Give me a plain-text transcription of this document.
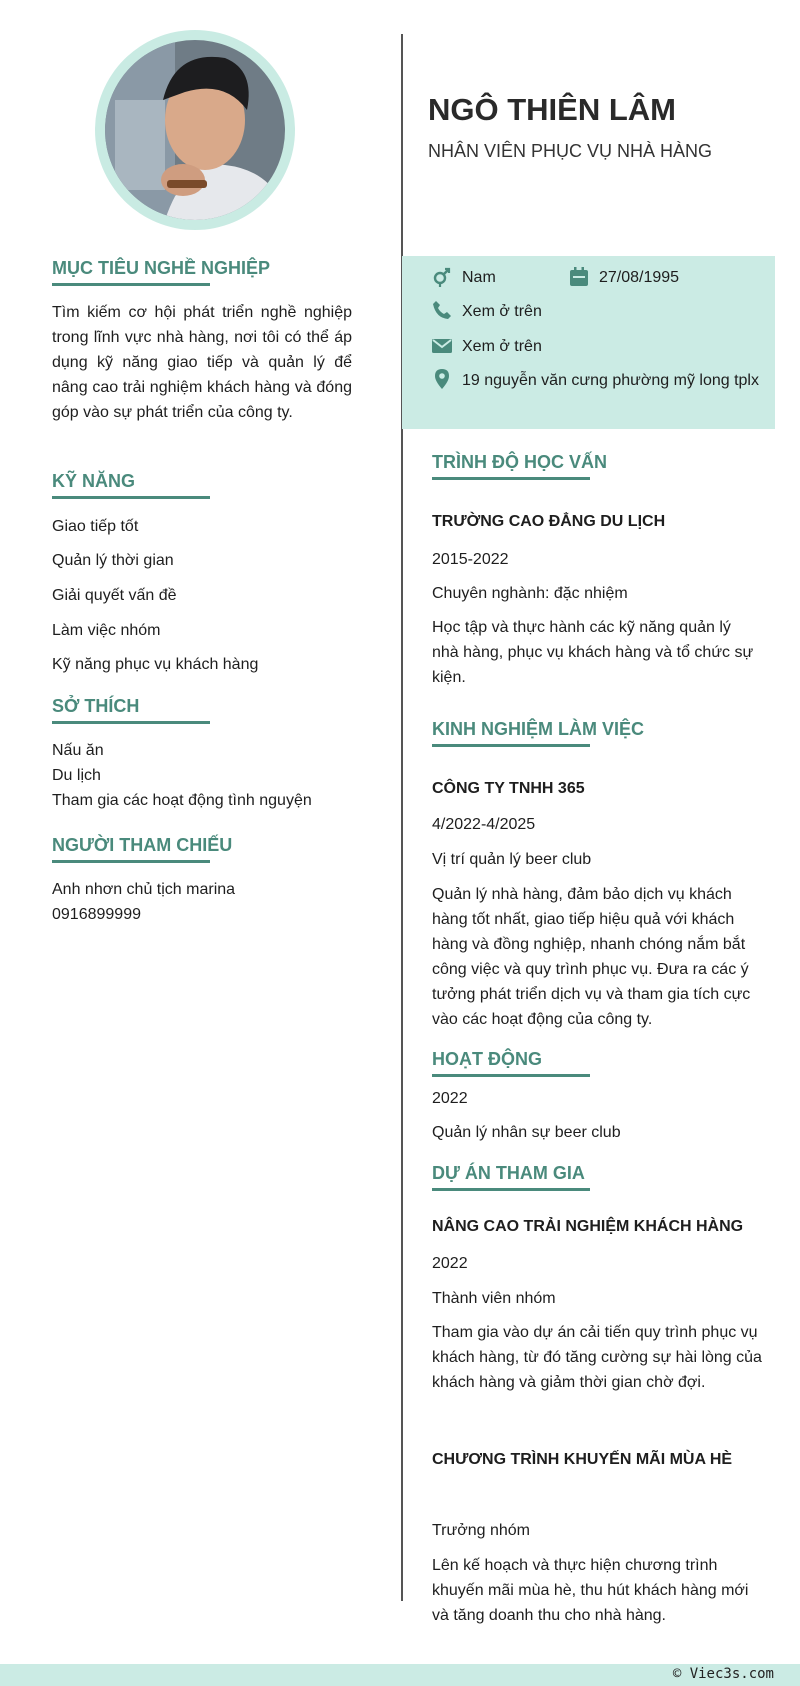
NGÔ THIÊN LÂM
NHÂN VIÊN PHỤC VỤ NHÀ HÀNG
Nam	27/08/1995
Xem ở trên
Xem ở trên
19 nguyễn văn cưng phường mỹ long tplx
MỤC TIÊU NGHỀ NGHIỆP

Tìm kiếm cơ hội phát triển nghề nghiệp trong lĩnh vực nhà hàng, nơi tôi có thể áp dụng kỹ năng giao tiếp và quản lý để nâng cao trải nghiệm khách hàng và đóng góp vào sự phát triển của công ty.

KỸ NĂNG
Giao tiếp tốt
Quản lý thời gian
Giải quyết vấn đề
Làm việc nhóm
Kỹ năng phục vụ khách hàng
SỞ THÍCH
Nấu ăn
Du lịch
Tham gia các hoạt động tình nguyện
NGƯỜI THAM CHIẾU
Anh nhơn chủ tịch marina
0916899999
TRÌNH ĐỘ HỌC VẤN
TRƯỜNG CAO ĐẲNG DU LỊCH
2015-2022
Chuyên nghành: đặc nhiệm

Học tập và thực hành các kỹ năng quản lý nhà hàng, phục vụ khách hàng và tổ chức sự kiện.

KINH NGHIỆM LÀM VIỆC
CÔNG TY TNHH 365
4/2022-4/2025
Vị trí quản lý beer club

Quản lý nhà hàng, đảm bảo dịch vụ khách hàng tốt nhất, giao tiếp hiệu quả với khách hàng và đồng nghiệp, nhanh chóng nắm bắt công việc và quy trình phục vụ. Đưa ra các ý tưởng phát triển dịch vụ và tham gia tích cực vào các hoạt động của công ty.

HOẠT ĐỘNG
2022
Quản lý nhân sự beer club
DỰ ÁN THAM GIA
NÂNG CAO TRẢI NGHIỆM KHÁCH HÀNG
2022
Thành viên nhóm

Tham gia vào dự án cải tiến quy trình phục vụ khách hàng, từ đó tăng cường sự hài lòng của khách hàng và giảm thời gian chờ đợi.

CHƯƠNG TRÌNH KHUYẾN MÃI MÙA HÈ
Trưởng nhóm

Lên kế hoạch và thực hiện chương trình khuyến mãi mùa hè, thu hút khách hàng mới và tăng doanh thu cho nhà hàng.

© Viec3s.com
